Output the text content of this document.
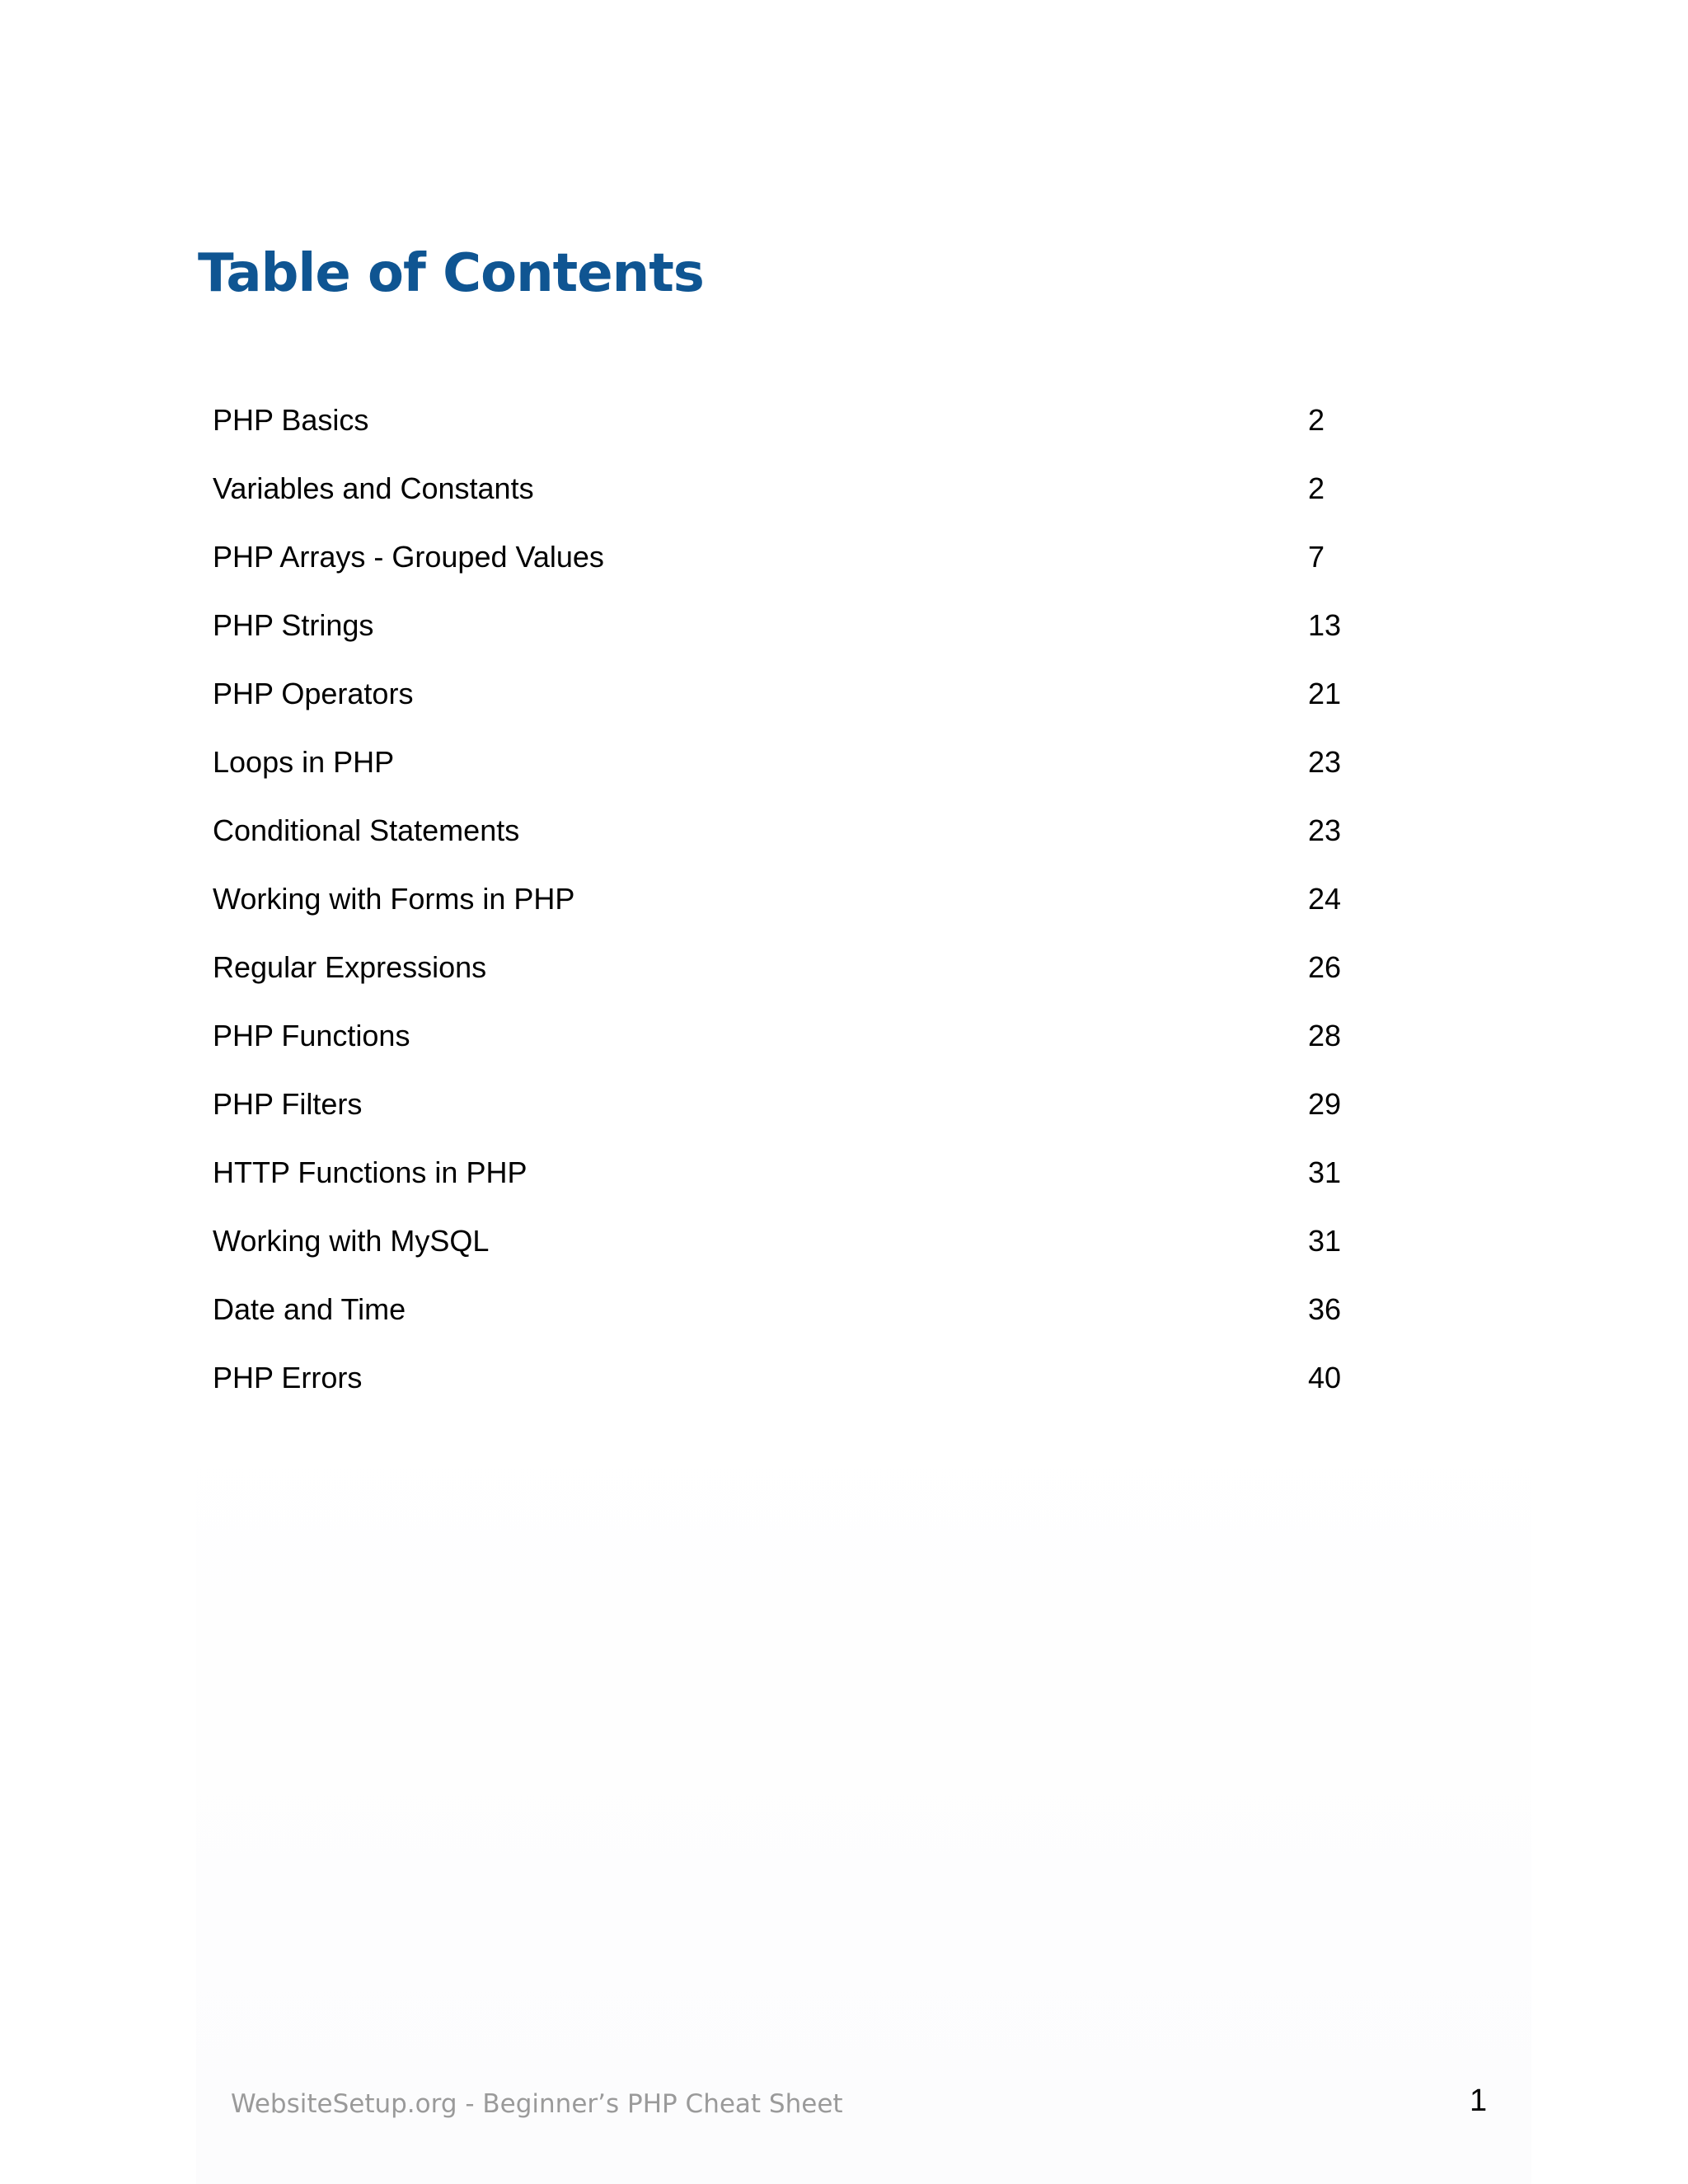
Table of Contents
PHP Basics	2
Variables and Constants	2
PHP Arrays - Grouped Values	7
PHP Strings	13
PHP Operators	21
Loops in PHP	23
Conditional Statements	23
Working with Forms in PHP	24
Regular Expressions	26
PHP Functions	28
PHP Filters	29
HTTP Functions in PHP	31
Working with MySQL	31
Date and Time	36
PHP Errors	40
WebsiteSetup.org - Beginner’s PHP Cheat Sheet	1
